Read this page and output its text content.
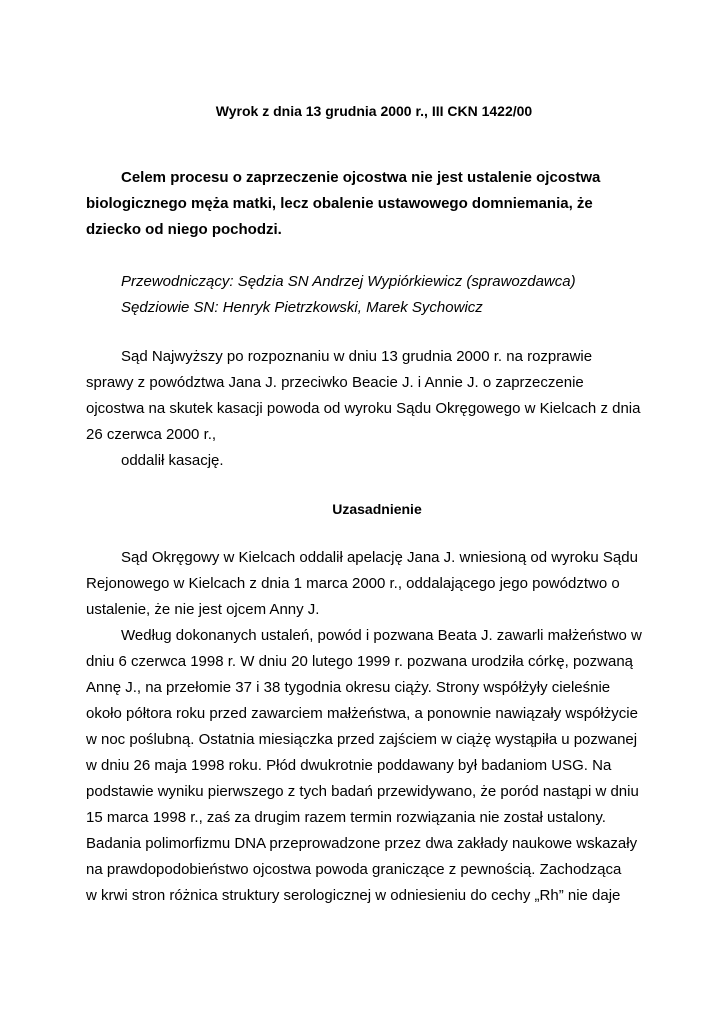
Wyrok z dnia 13 grudnia 2000 r., III CKN 1422/00
Celem procesu o zaprzeczenie ojcostwa nie jest ustalenie ojcostwa
biologicznego męża matki, lecz obalenie ustawowego domniemania, że
dziecko od niego pochodzi.
Przewodniczący: Sędzia SN Andrzej Wypiórkiewicz (sprawozdawca)
Sędziowie SN: Henryk Pietrzkowski, Marek Sychowicz
Sąd Najwyższy po rozpoznaniu w dniu 13 grudnia 2000 r. na rozprawie
sprawy z powództwa Jana J. przeciwko Beacie J. i Annie J. o zaprzeczenie
ojcostwa na skutek kasacji powoda od wyroku Sądu Okręgowego w Kielcach z dnia
26 czerwca 2000 r.,
oddalił kasację.
Uzasadnienie
Sąd Okręgowy w Kielcach oddalił apelację Jana J. wniesioną od wyroku Sądu
Rejonowego w Kielcach z dnia 1 marca 2000 r., oddalającego jego powództwo o
ustalenie, że nie jest ojcem Anny J.
Według dokonanych ustaleń, powód i pozwana Beata J. zawarli małżeństwo w
dniu 6 czerwca 1998 r. W dniu 20 lutego 1999 r. pozwana urodziła córkę, pozwaną
Annę J., na przełomie 37 i 38 tygodnia okresu ciąży. Strony współżyły cieleśnie
około półtora roku przed zawarciem małżeństwa, a ponownie nawiązały współżycie
w noc poślubną. Ostatnia miesiączka przed zajściem w ciążę wystąpiła u pozwanej
w dniu 26 maja 1998 roku. Płód dwukrotnie poddawany był badaniom USG. Na
podstawie wyniku pierwszego z tych badań przewidywano, że poród nastąpi w dniu
15 marca 1998 r., zaś za drugim razem termin rozwiązania nie został ustalony.
Badania polimorfizmu DNA przeprowadzone przez dwa zakłady naukowe wskazały
na prawdopodobieństwo ojcostwa powoda graniczące z pewnością. Zachodząca
w krwi stron różnica struktury serologicznej w odniesieniu do cechy „Rh” nie daje
